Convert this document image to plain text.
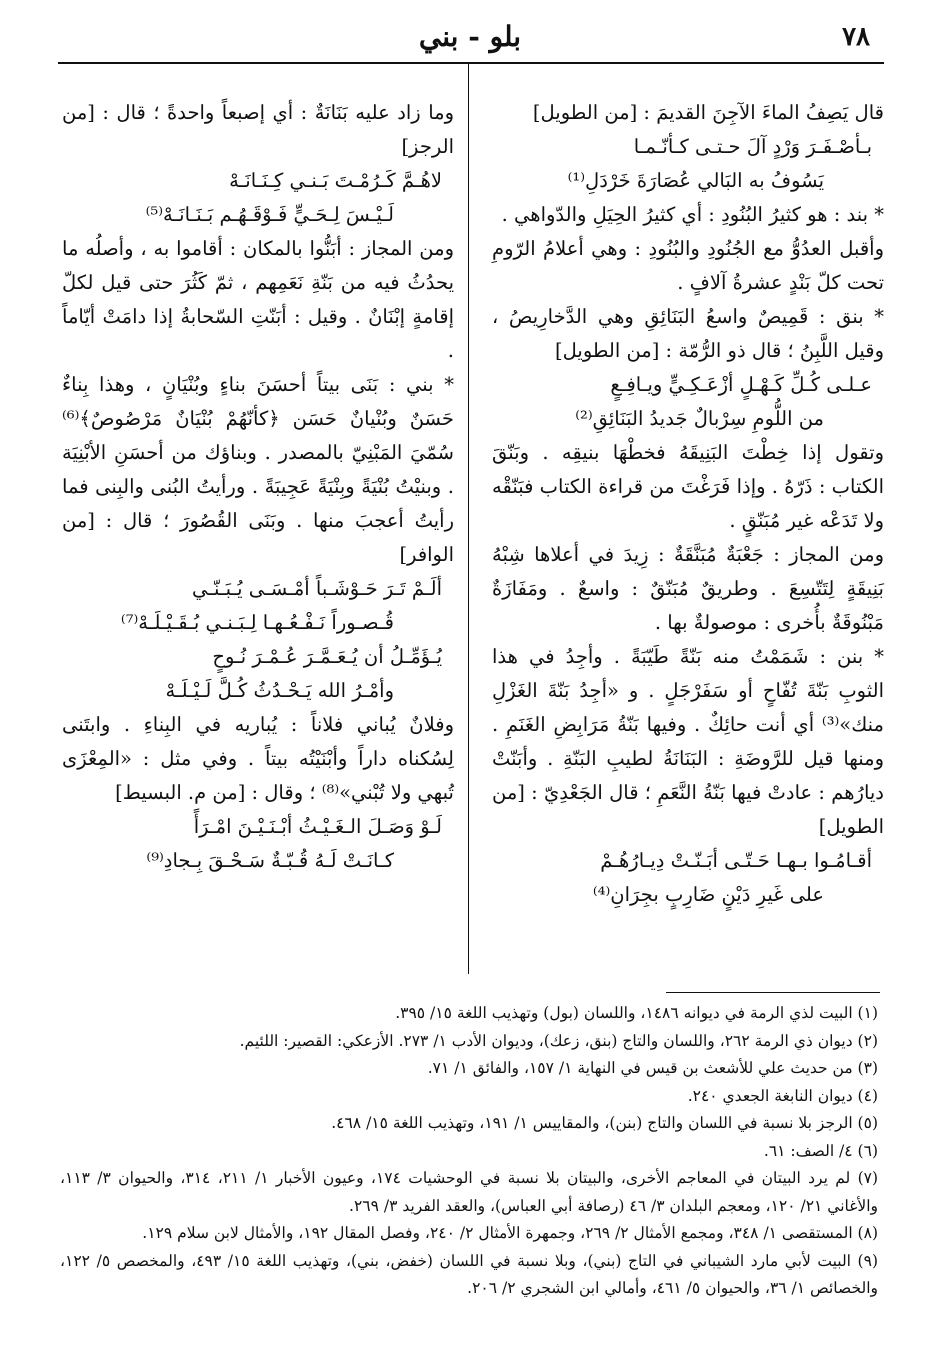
٧٨
بلو - بني

قال يَصِفُ الماءَ الآجِنَ القديمَ : [من الطويل]

بـأصْـفَـرَ وَرْدٍ آلَ حـتـى كـأنّـمـا

يَسُوفُ به البَالي عُصَارَةَ خَرْدَلِ⁽¹⁾

* بند : هو كثيرُ البُنُودِ : أي كثيرُ الحِيَلِ والدّواهي .

وأقبل العدُوُّ مع الجُنُودِ والبُنُودِ : وهي أعلامُ الرّومِ تحت كلّ بَنْدٍ عشرةُ آلافٍ .

* بنق : قَمِيصٌ واسعُ البَنَائِقِ وهي الدَّخارِيصُ ، وقيل اللَّبِنُ ؛ قال ذو الرُّمّة : [من الطويل]

عـلـى كُـلِّ كَـهْـلٍ أزْعَـكِـيٍّ ويـافِـعٍ

من اللُّومِ سِرْبالٌ جَديدُ البَنَائِقِ⁽²⁾

وتقول إذا خِطْتَ البَنِيقَهُ فخطْهَا بنيقِه . وبَنّقَ الكتاب : ذَرّهُ . وإذا فَرَغْتَ من قراءة الكتاب فبَنّقْه ولا تَدَعْه غير مُبَنّقٍ .

ومن المجاز : جَعْبَةٌ مُبَنَّقَةٌ : زِيدَ في أعلاها شِبْهُ بَنِيقَةٍ لِتَتّسِعَ . وطريقٌ مُبَنّقٌ : واسعٌ . ومَفَازَةٌ مَبْنُوقَةٌ بأُخرى : موصولةٌ بها .

* بنن : شَمَمْتُ منه بَنّةً طَيّبَةً . وأجِدُ في هذا الثوبِ بَنّةَ تُفّاحٍ أو سَفَرْجَلٍ . و «أجِدُ بَنّةَ الغَزْلِ منك»⁽³⁾ أي أنت حائِكٌ . وفيها بَنّةُ مَرَابِضِ الغَنَمِ . ومنها قيل للرَّوضَةِ : البَنَانَةُ لطيبِ البَنّةِ . وأبَنّتْ ديارُهم : عادتْ فيها بَنّةُ النَّعَمِ ؛ قال الجَعْدِيّ : [من الطويل]

أقـامُـوا بـهـا حَـتّـى أبَـنّـتْ دِيـارُهُـمْ

على غَيرِ دَيْنٍ ضَارِبٍ بجِرَانِ⁽⁴⁾

وما زاد عليه بَنَانَةٌ : أي إصبعاً واحدةً ؛ قال : [من الرجز]

لاهُـمَّ كَـرُمْـتَ بَـنـي كِـنَـانَـهْ

لَـيْـسَ لِـحَـيٍّ فَـوْقَـهُـم بَـنَـانَـهْ⁽⁵⁾

ومن المجاز : أبَنُّوا بالمكان : أقاموا به ، وأصلُه ما يحدُثُ فيه من بَنّةِ نَعَمِهم ، ثمّ كَثُرَ حتى قيل لكلّ إقامةٍ إبْنَانٌ . وقيل : أبَنّتِ السّحابةُ إذا دامَتْ أيّاماً .

* بني : بَنَى بيتاً أحسَنَ بناءٍ وبُنْيَانٍ ، وهذا بِناءٌ حَسَنٌ وبُنْيانٌ حَسَن ﴿كأنّهُمْ بُنْيَانٌ مَرْصُوصٌ﴾⁽⁶⁾ سُمّيَ المَبْنِيّ بالمصدر . وبناؤك من أحسَنِ الأبْنِيَة . وبنيْتُ بُنْيَةً وبِنْيَةً عَجِيبَةً . ورأيتُ البُنى والبِنى فما رأيتُ أعجبَ منها . وبَنَى القُصُورَ ؛ قال : [من الوافر]

ألَـمْ تَـرَ حَـوْشَـباً أمْـسَـى يُـبَـنّـي

قُـصـوراً نَـفْـعُـهـا لِـبَـنـي بُـقَـيْـلَـهْ⁽⁷⁾

يُـؤَمِّـلُ أن يُـعَـمَّـرَ عُـمْـرَ نُـوحٍ

وأمْـرُ الله يَـحْـدُثُ كُـلَّ لَـيْـلَـهْ

وفلانٌ يُباني فلاناً : يُباريه في البِناءِ . وابتَنى لِسُكناه داراً وأبْنَيْتُه بيتاً . وفي مثل : «المِعْزَى تُبهي ولا تُبْني»⁽⁸⁾ ؛ وقال : [من م. البسيط]

لَـوْ وَصَـلَ الـغَـيْـثُ أبْـنَـيْـنَ امْـرَأً

كـانَـتْ لَـهُ قُـبّـةٌ سَـحْـقَ بِـجادِ⁽⁹⁾

(١) البيت لذي الرمة في ديوانه ١٤٨٦، واللسان (بول) وتهذيب اللغة ١٥/ ٣٩٥.

(٢) ديوان ذي الرمة ٢٦٢، واللسان والتاج (بنق، زعك)، وديوان الأدب ١/ ٢٧٣. الأزعكي: القصير: اللئيم.

(٣) من حديث علي للأشعث بن قيس في النهاية ١/ ١٥٧، والفائق ١/ ٧١.

(٤) ديوان النابغة الجعدي ٢٤٠.

(٥) الرجز بلا نسبة في اللسان والتاج (بنن)، والمقاييس ١/ ١٩١، وتهذيب اللغة ١٥/ ٤٦٨.

(٦) ٤/ الصف: ٦١.

(٧) لم يرد البيتان في المعاجم الأخرى، والبيتان بلا نسبة في الوحشيات ١٧٤، وعيون الأخبار ١/ ٢١١، ٣١٤، والحيوان ٣/ ١١٣، والأغاني ٢١/ ١٢٠، ومعجم البلدان ٣/ ٤٦ (رصافة أبي العباس)، والعقد الفريد ٣/ ٢٦٩.

(٨) المستقصى ١/ ٣٤٨، ومجمع الأمثال ٢/ ٢٦٩، وجمهرة الأمثال ٢/ ٢٤٠، وفصل المقال ١٩٢، والأمثال لابن سلام ١٢٩.

(٩) البيت لأبي مارد الشيباني في التاج (بني)، وبلا نسبة في اللسان (خفض، بني)، وتهذيب اللغة ١٥/ ٤٩٣، والمخصص ٥/ ١٢٢، والخصائص ١/ ٣٦، والحيوان ٥/ ٤٦١، وأمالي ابن الشجري ٢/ ٢٠٦.
